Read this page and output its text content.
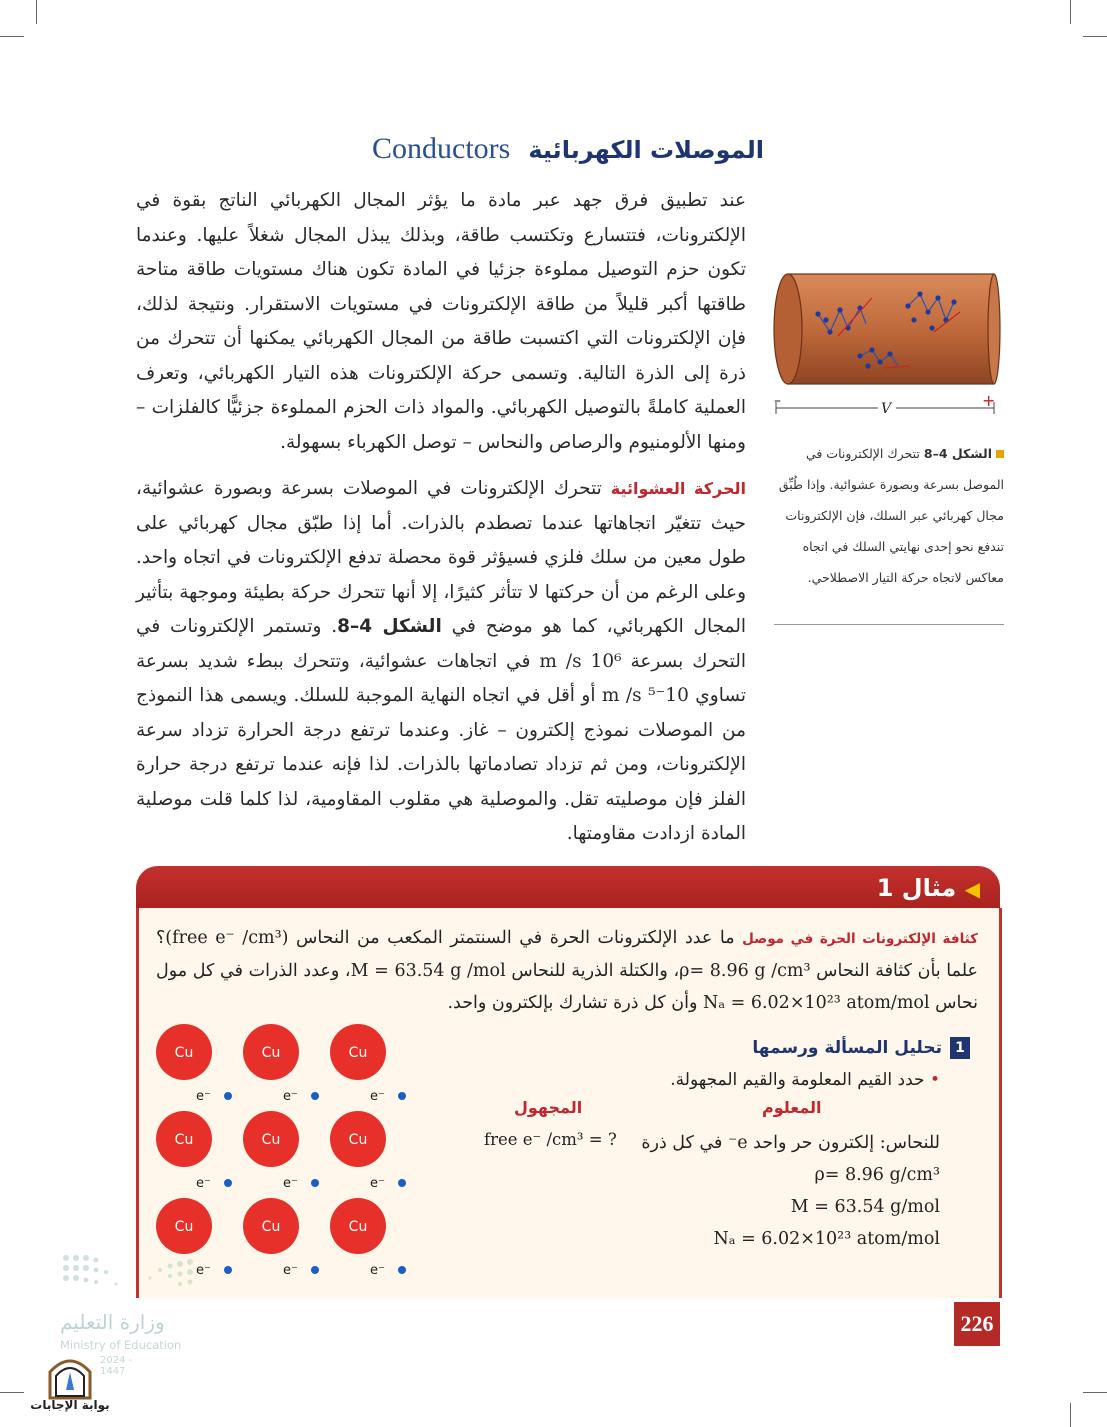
Conductors الموصلات الكهربائية
عند تطبيق فرق جهد عبر مادة ما يؤثر المجال الكهربائي الناتج بقوة في الإلكترونات، فتتسارع وتكتسب طاقة، وبذلك يبذل المجال شغلاً عليها. وعندما تكون حزم التوصيل مملوءة جزئيا في المادة تكون هناك مستويات طاقة متاحة طاقتها أكبر قليلاً من طاقة الإلكترونات في مستويات الاستقرار. ونتيجة لذلك، فإن الإلكترونات التي اكتسبت طاقة من المجال الكهربائي يمكنها أن تتحرك من ذرة إلى الذرة التالية. وتسمى حركة الإلكترونات هذه التيار الكهربائي، وتعرف العملية كاملةً بالتوصيل الكهربائي. والمواد ذات الحزم المملوءة جزئيًّا كالفلزات – ومنها الألومنيوم والرصاص والنحاس – توصل الكهرباء بسهولة.
الحركة العشوائية تتحرك الإلكترونات في الموصلات بسرعة وبصورة عشوائية، حيث تتغيّر اتجاهاتها عندما تصطدم بالذرات. أما إذا طبّق مجال كهربائي على طول معين من سلك فلزي فسيؤثر قوة محصلة تدفع الإلكترونات في اتجاه واحد. وعلى الرغم من أن حركتها لا تتأثر كثيرًا، إلا أنها تتحرك حركة بطيئة وموجهة بتأثير المجال الكهربائي، كما هو موضح في الشكل 4–8. وتستمر الإلكترونات في التحرك بسرعة 10⁶ m /s في اتجاهات عشوائية، وتتحرك ببطء شديد بسرعة تساوي 10⁻⁵ m /s أو أقل في اتجاه النهاية الموجبة للسلك. ويسمى هذا النموذج من الموصلات نموذج إلكترون – غاز. وعندما ترتفع درجة الحرارة تزداد سرعة الإلكترونات، ومن ثم تزداد تصادماتها بالذرات. لذا فإنه عندما ترتفع درجة حرارة الفلز فإن موصليته تقل. والموصلية هي مقلوب المقاومية، لذا كلما قلت موصلية المادة ازدادت مقاومتها.
–	+
V
الشكل 4–8 تتحرك الإلكترونات في الموصل بسرعة وبصورة عشوائية. وإذا طُبِّق مجال كهربائي عبر السلك، فإن الإلكترونات تندفع نحو إحدى نهايتي السلك في اتجاه معاكس لاتجاه حركة التيار الاصطلاحي.
◀ مثال 1
كثافة الإلكترونات الحرة في موصل ما عدد الإلكترونات الحرة في السنتمتر المكعب من النحاس (free e⁻ /cm³)؟ علما بأن كثافة النحاس ρ= 8.96 g /cm³، والكتلة الذرية للنحاس M = 63.54 g /mol، وعدد الذرات في كل مول نحاس Nₐ = 6.02×10²³ atom/mol وأن كل ذرة تشارك بإلكترون واحد.
1
تحليل المسألة ورسمها
• حدد القيم المعلومة والقيم المجهولة.
المعلوم
المجهول
للنحاس: إلكترون حر واحد e⁻ في كل ذرة
ρ= 8.96 g/cm³
M = 63.54 g/mol
Nₐ = 6.02×10²³ atom/mol
free e⁻ /cm³ = ?
Cu
e⁻
Cu
e⁻
Cu
e⁻
Cu
e⁻
Cu
e⁻
Cu
e⁻
Cu
e⁻
Cu
e⁻
Cu
e⁻
226
وزارة التعليم
Ministry of Education
2024 - 1447
بوابة الإجابات
